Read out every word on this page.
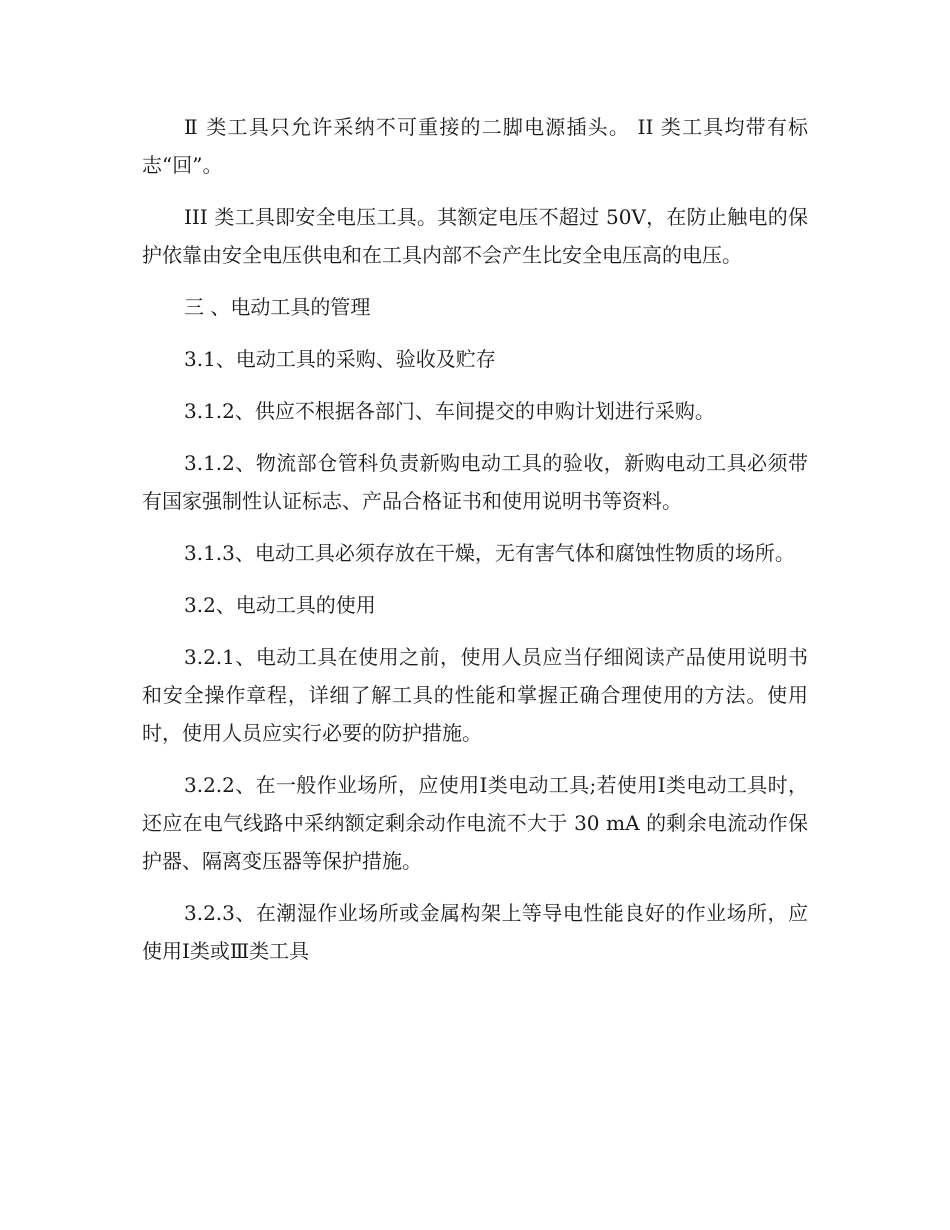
Ⅱ 类工具只允许采纳不可重接的二脚电源插头。 II 类工具均带有标志“回”。

III 类工具即安全电压工具。其额定电压不超过 50V，在防止触电的保护依靠由安全电压供电和在工具内部不会产生比安全电压高的电压。

三 、电动工具的管理

3.1、电动工具的采购、验收及贮存

3.1.2、供应不根据各部门、车间提交的申购计划进行采购。

3.1.2、物流部仓管科负责新购电动工具的验收，新购电动工具必须带有国家强制性认证标志、产品合格证书和使用说明书等资料。

3.1.3、电动工具必须存放在干燥，无有害气体和腐蚀性物质的场所。

3.2、电动工具的使用

3.2.1、电动工具在使用之前，使用人员应当仔细阅读产品使用说明书和安全操作章程，详细了解工具的性能和掌握正确合理使用的方法。使用时，使用人员应实行必要的防护措施。

3.2.2、在一般作业场所，应使用Ⅰ类电动工具;若使用Ⅰ类电动工具时，还应在电气线路中采纳额定剩余动作电流不大于 30 mA 的剩余电流动作保护器、隔离变压器等保护措施。

3.2.3、在潮湿作业场所或金属构架上等导电性能良好的作业场所，应使用Ⅰ类或Ⅲ类工具
